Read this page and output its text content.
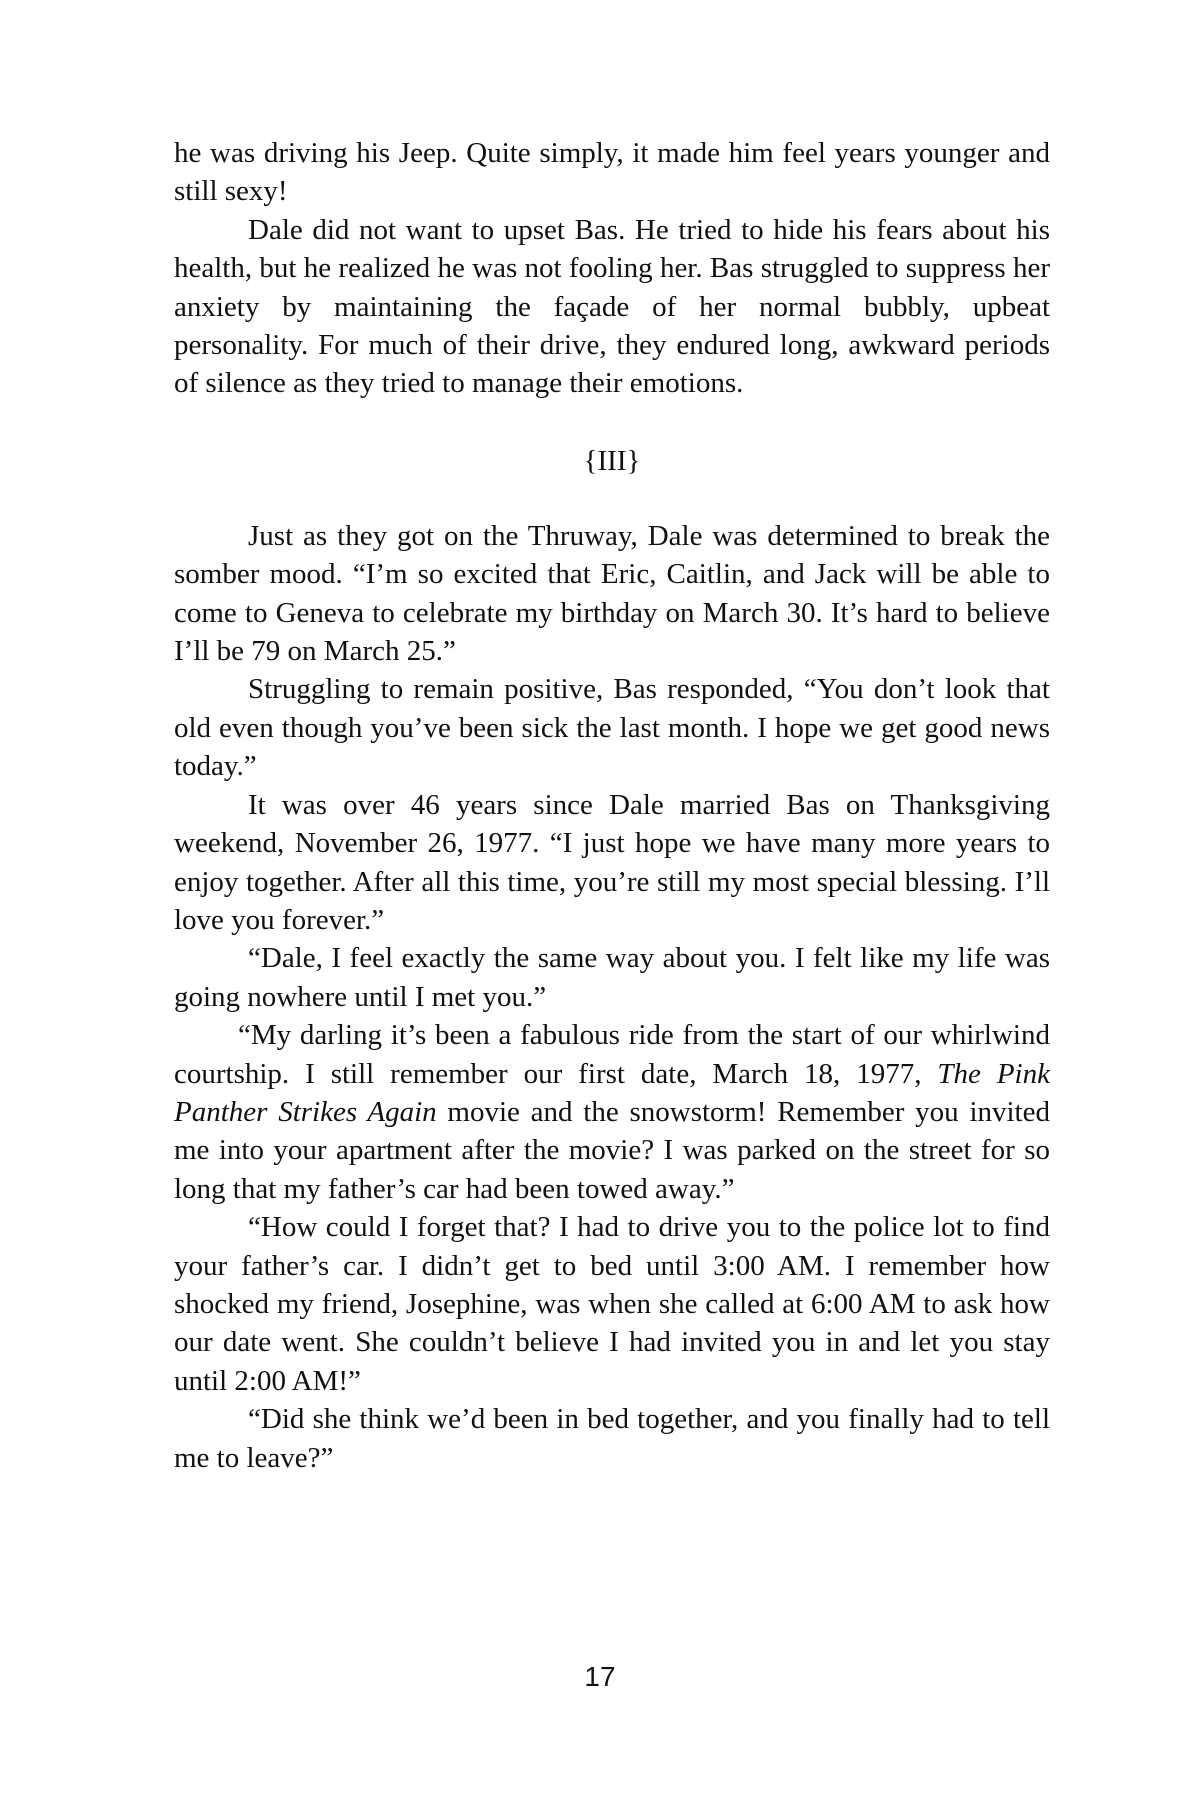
he was driving his Jeep. Quite simply, it made him feel years younger and still sexy!

Dale did not want to upset Bas. He tried to hide his fears about his health, but he realized he was not fooling her. Bas struggled to suppress her anxiety by maintaining the façade of her normal bubbly, upbeat personality. For much of their drive, they endured long, awkward periods of silence as they tried to manage their emotions.

{III}

Just as they got on the Thruway, Dale was determined to break the somber mood. “I’m so excited that Eric, Caitlin, and Jack will be able to come to Geneva to celebrate my birthday on March 30. It’s hard to believe I’ll be 79 on March 25.”

Struggling to remain positive, Bas responded, “You don’t look that old even though you’ve been sick the last month. I hope we get good news today.”

It was over 46 years since Dale married Bas on Thanksgiving weekend, November 26, 1977. “I just hope we have many more years to enjoy together. After all this time, you’re still my most special blessing. I’ll love you forever.”

“Dale, I feel exactly the same way about you. I felt like my life was going nowhere until I met you.”

“My darling it’s been a fabulous ride from the start of our whirlwind courtship. I still remember our first date, March 18, 1977, The Pink Panther Strikes Again movie and the snowstorm! Remember you invited me into your apartment after the movie? I was parked on the street for so long that my father’s car had been towed away.”

“How could I forget that? I had to drive you to the police lot to find your father’s car. I didn’t get to bed until 3:00 AM. I remember how shocked my friend, Josephine, was when she called at 6:00 AM to ask how our date went. She couldn’t believe I had invited you in and let you stay until 2:00 AM!”

“Did she think we’d been in bed together, and you finally had to tell me to leave?”

17
